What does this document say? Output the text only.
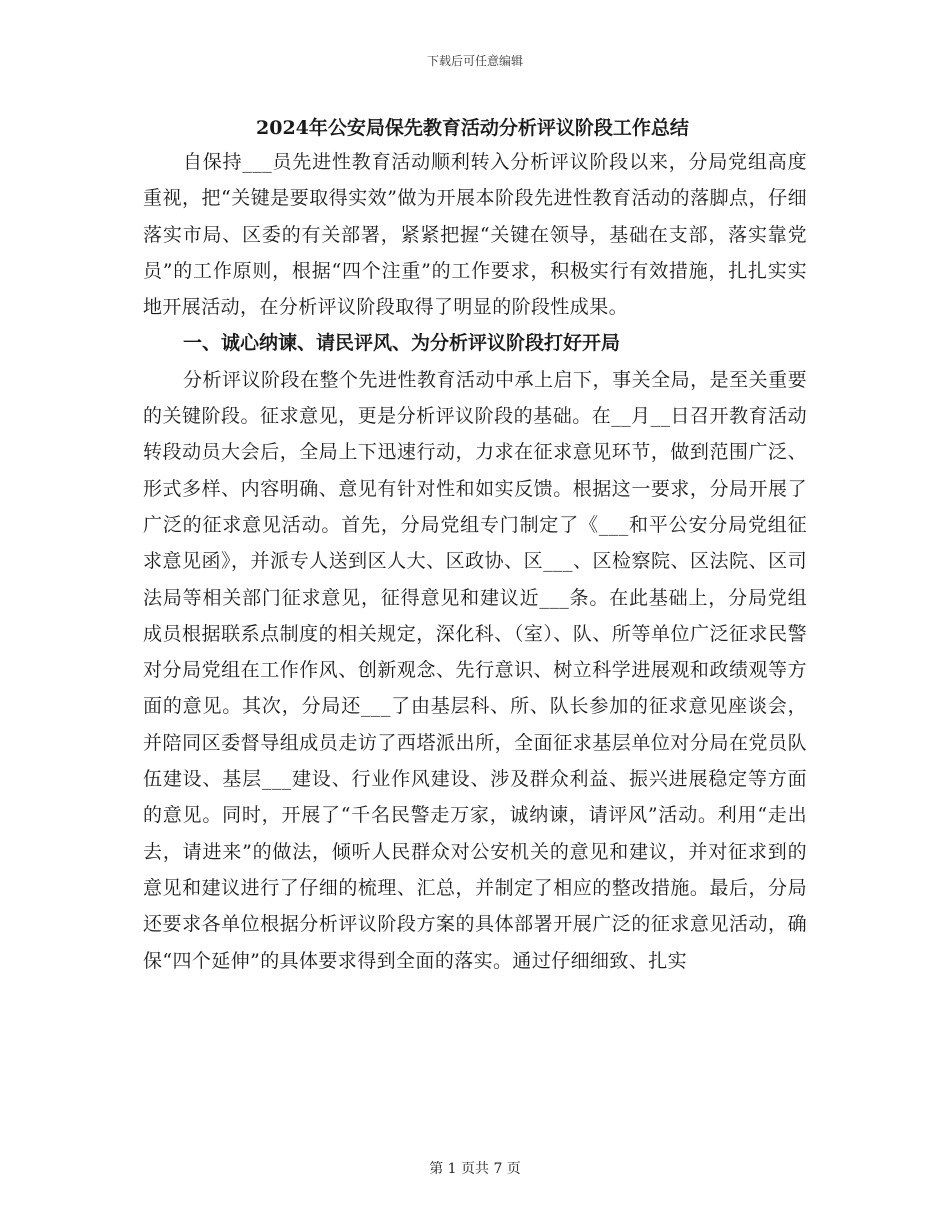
下载后可任意编辑
2024年公安局保先教育活动分析评议阶段工作总结

自保持___员先进性教育活动顺利转入分析评议阶段以来，分局党组高度重视，把“关键是要取得实效”做为开展本阶段先进性教育活动的落脚点，仔细落实市局、区委的有关部署，紧紧把握“关键在领导，基础在支部，落实靠党员”的工作原则，根据“四个注重”的工作要求，积极实行有效措施，扎扎实实地开展活动，在分析评议阶段取得了明显的阶段性成果。

一、诚心纳谏、请民评风、为分析评议阶段打好开局

分析评议阶段在整个先进性教育活动中承上启下，事关全局，是至关重要的关键阶段。征求意见，更是分析评议阶段的基础。在__月__日召开教育活动转段动员大会后，全局上下迅速行动，力求在征求意见环节，做到范围广泛、形式多样、内容明确、意见有针对性和如实反馈。根据这一要求，分局开展了广泛的征求意见活动。首先，分局党组专门制定了《___和平公安分局党组征求意见函》，并派专人送到区人大、区政协、区___、区检察院、区法院、区司法局等相关部门征求意见，征得意见和建议近___条。在此基础上，分局党组成员根据联系点制度的相关规定，深化科、（室）、队、所等单位广泛征求民警对分局党组在工作作风、创新观念、先行意识、树立科学进展观和政绩观等方面的意见。其次，分局还___了由基层科、所、队长参加的征求意见座谈会，并陪同区委督导组成员走访了西塔派出所，全面征求基层单位对分局在党员队伍建设、基层___建设、行业作风建设、涉及群众利益、振兴进展稳定等方面的意见。同时，开展了“千名民警走万家，诚纳谏，请评风”活动。利用“走出去，请进来”的做法，倾听人民群众对公安机关的意见和建议，并对征求到的意见和建议进行了仔细的梳理、汇总，并制定了相应的整改措施。最后，分局还要求各单位根据分析评议阶段方案的具体部署开展广泛的征求意见活动，确保“四个延伸”的具体要求得到全面的落实。通过仔细细致、扎实

第 1 页共 7 页
